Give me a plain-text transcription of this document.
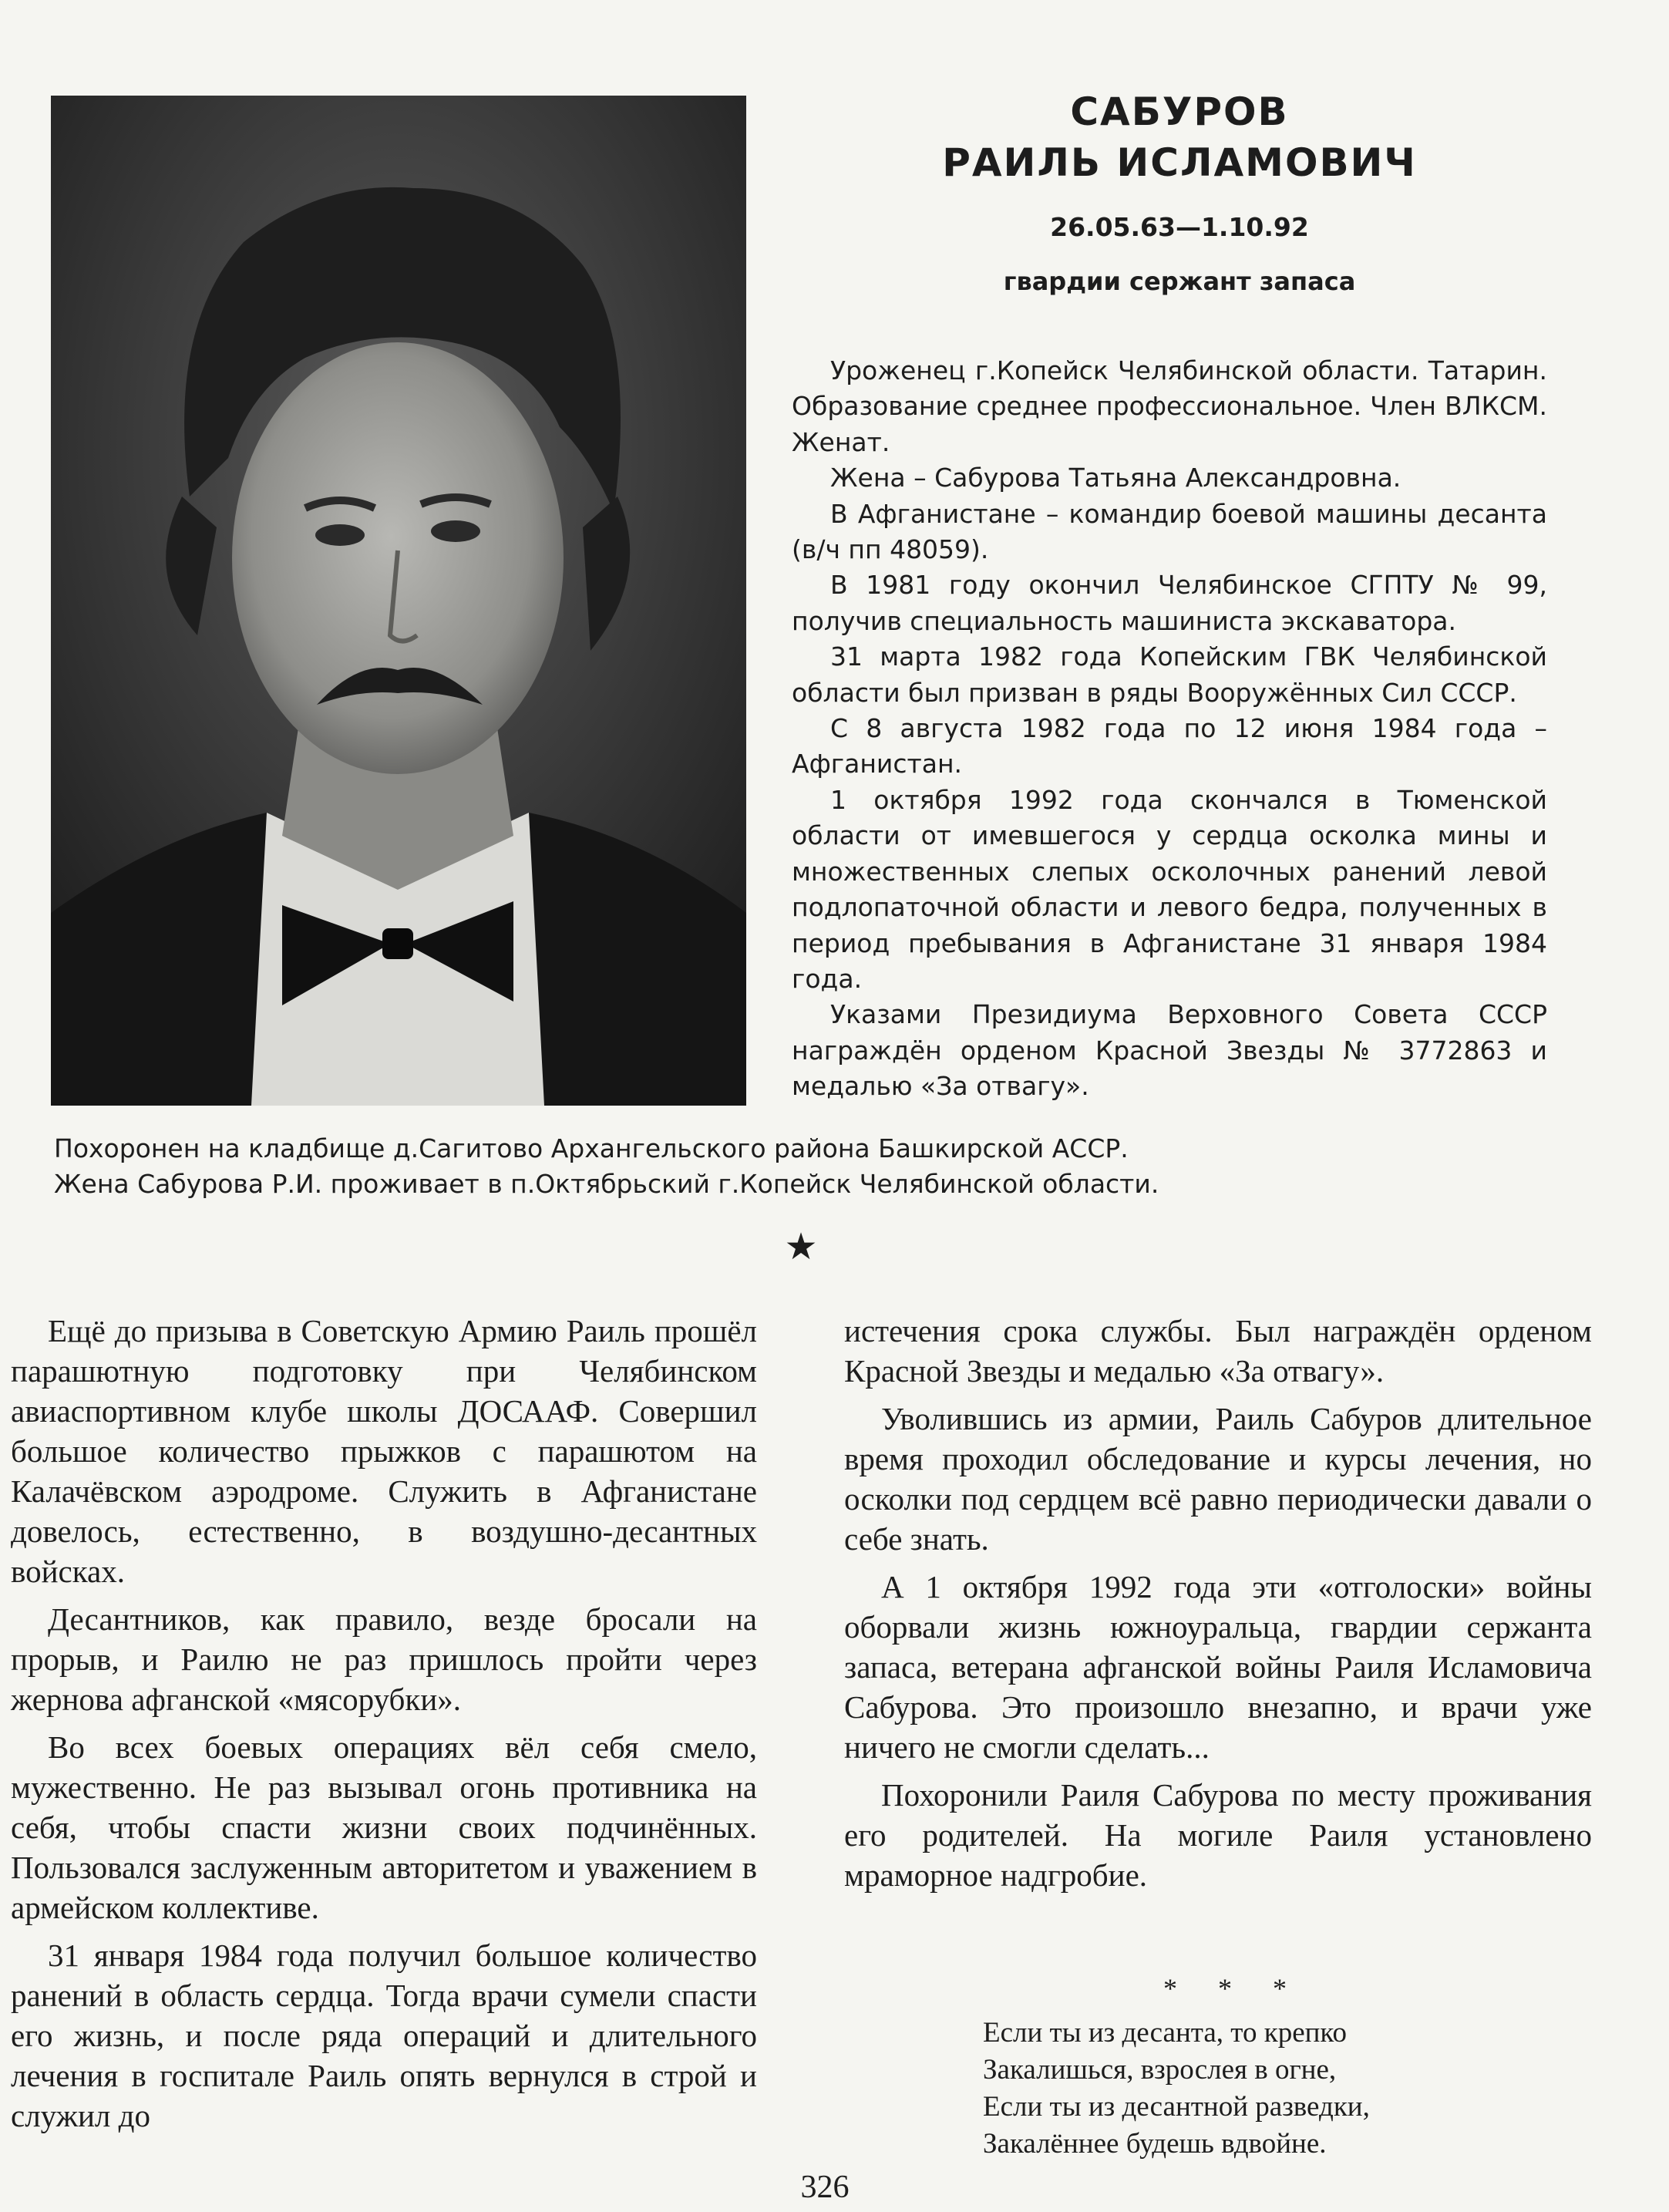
САБУРОВ
РАИЛЬ ИСЛАМОВИЧ
26.05.63—1.10.92
гвардии сержант запаса

Уроженец г.Копейск Челябинской области. Татарин. Образование среднее профессиональное. Член ВЛКСМ. Женат.

Жена – Сабурова Татьяна Александровна.

В Афганистане – командир боевой машины десанта (в/ч пп 48059).

В 1981 году окончил Челябинское СГПТУ № 99, получив специальность машиниста экскаватора.

31 марта 1982 года Копейским ГВК Челябинской области был призван в ряды Вооружённых Сил СССР.

С 8 августа 1982 года по 12 июня 1984 года – Афганистан.

1 октября 1992 года скончался в Тюменской области от имевшегося у сердца осколка мины и множественных слепых осколочных ранений левой подлопаточной области и левого бедра, полученных в период пребывания в Афганистане 31 января 1984 года.

Указами Президиума Верховного Совета СССР награждён орденом Красной Звезды № 3772863 и медалью «За отвагу».

Похоронен на кладбище д.Сагитово Архангельского района Башкирской АССР.

Жена Сабурова Р.И. проживает в п.Октябрьский г.Копейск Челябинской области.

★

Ещё до призыва в Советскую Армию Раиль прошёл парашютную подготовку при Челябинском авиаспортивном клубе школы ДОСААФ. Совершил большое количество прыжков с парашютом на Калачёвском аэродроме. Служить в Афганистане довелось, естественно, в воздушно-десантных войсках.

Десантников, как правило, везде бросали на прорыв, и Раилю не раз пришлось пройти через жернова афганской «мясорубки».

Во всех боевых операциях вёл себя смело, мужественно. Не раз вызывал огонь противника на себя, чтобы спасти жизни своих подчинённых. Пользовался заслуженным авторитетом и уважением в армейском коллективе.

31 января 1984 года получил большое количество ранений в область сердца. Тогда врачи сумели спасти его жизнь, и после ряда операций и длительного лечения в госпитале Раиль опять вернулся в строй и служил до

истечения срока службы. Был награждён орденом Красной Звезды и медалью «За отвагу».

Уволившись из армии, Раиль Сабуров длительное время проходил обследование и курсы лечения, но осколки под сердцем всё равно периодически давали о себе знать.

А 1 октября 1992 года эти «отголоски» войны оборвали жизнь южноуральца, гвардии сержанта запаса, ветерана афганской войны Раиля Исламовича Сабурова. Это произошло внезапно, и врачи уже ничего не смогли сделать...

Похоронили Раиля Сабурова по месту проживания его родителей. На могиле Раиля установлено мраморное надгробие.

* * *
Если ты из десанта, то крепко
Закалишься, взрослея в огне,
Если ты из десантной разведки,
Закалённее будешь вдвойне.
326
